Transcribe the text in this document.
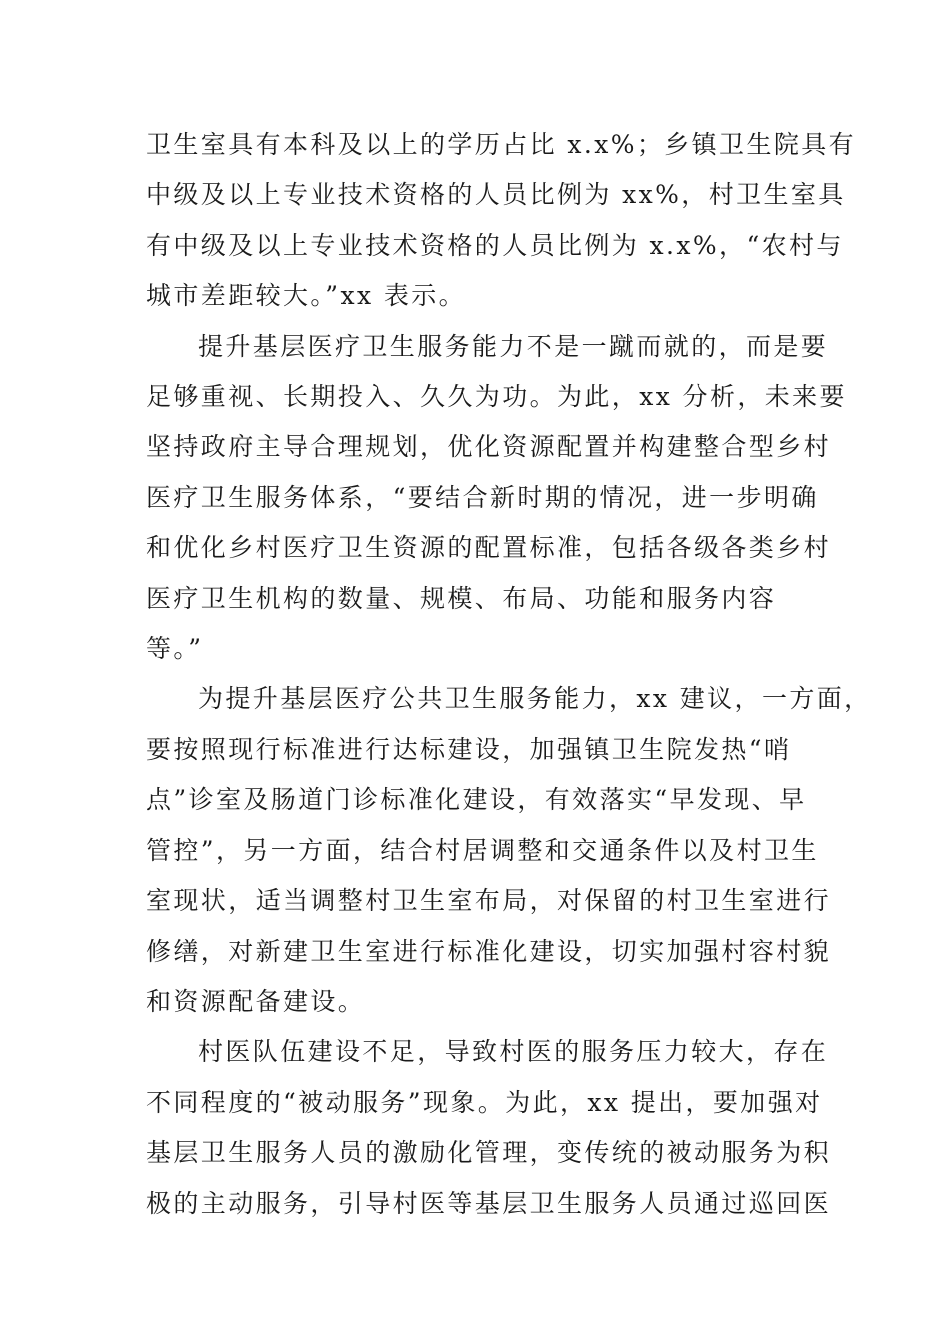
卫生室具有本科及以上的学历占比 x.x%；乡镇卫生院具有
中级及以上专业技术资格的人员比例为 xx%，村卫生室具
有中级及以上专业技术资格的人员比例为 x.x%，“农村与
城市差距较大。”xx 表示。

提升基层医疗卫生服务能力不是一蹴而就的，而是要
足够重视、长期投入、久久为功。为此，xx 分析，未来要
坚持政府主导合理规划，优化资源配置并构建整合型乡村
医疗卫生服务体系，“要结合新时期的情况，进一步明确
和优化乡村医疗卫生资源的配置标准，包括各级各类乡村
医疗卫生机构的数量、规模、布局、功能和服务内容
等。”

为提升基层医疗公共卫生服务能力，xx 建议，一方面，
要按照现行标准进行达标建设，加强镇卫生院发热“哨
点”诊室及肠道门诊标准化建设，有效落实“早发现、早
管控”，另一方面，结合村居调整和交通条件以及村卫生
室现状，适当调整村卫生室布局，对保留的村卫生室进行
修缮，对新建卫生室进行标准化建设，切实加强村容村貌
和资源配备建设。

村医队伍建设不足，导致村医的服务压力较大，存在
不同程度的“被动服务”现象。为此，xx 提出，要加强对
基层卫生服务人员的激励化管理，变传统的被动服务为积
极的主动服务，引导村医等基层卫生服务人员通过巡回医
